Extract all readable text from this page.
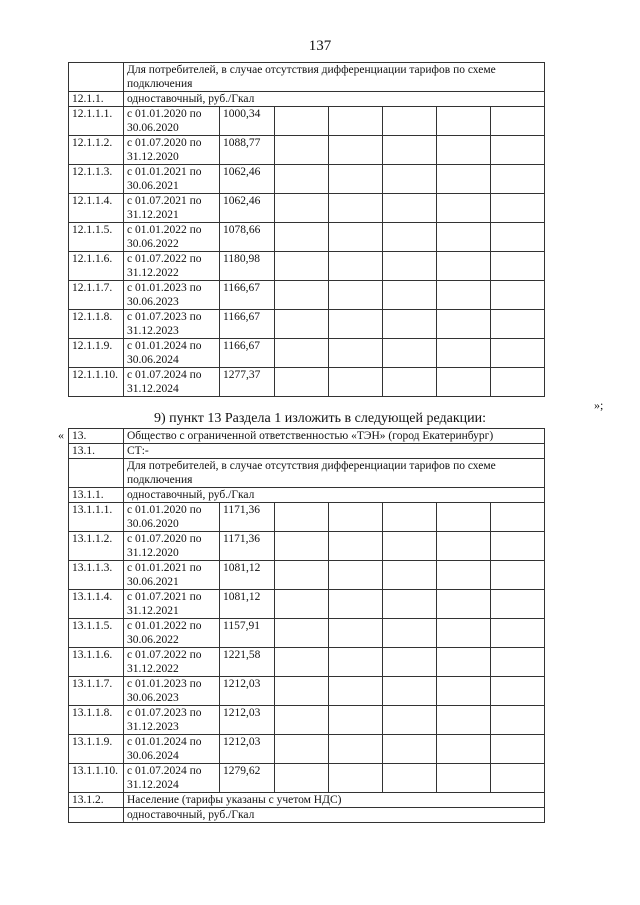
137
	Для потребителей, в случае отсутствия дифференциации тарифов по схеме подключения						
12.1.1.	одноставочный, руб./Гкал						
12.1.1.1.	с 01.01.2020 по 30.06.2020	1000,34					
12.1.1.2.	с 01.07.2020 по 31.12.2020	1088,77					
12.1.1.3.	с 01.01.2021 по 30.06.2021	1062,46					
12.1.1.4.	с 01.07.2021 по 31.12.2021	1062,46					
12.1.1.5.	с 01.01.2022 по 30.06.2022	1078,66					
12.1.1.6.	с 01.07.2022 по 31.12.2022	1180,98					
12.1.1.7.	с 01.01.2023 по 30.06.2023	1166,67					
12.1.1.8.	с 01.07.2023 по 31.12.2023	1166,67					
12.1.1.9.	с 01.01.2024 по 30.06.2024	1166,67					
12.1.1.10.	с 01.07.2024 по 31.12.2024	1277,37					
»;
9) пункт 13 Раздела 1 изложить в следующей редакции:
« 13.	Общество с ограниченной ответственностью «ТЭН» (город Екатеринбург)						
13.1.	СТ:-						
	Для потребителей, в случае отсутствия дифференциации тарифов по схеме подключения						
13.1.1.	одноставочный, руб./Гкал						
13.1.1.1.	с 01.01.2020 по 30.06.2020	1171,36					
13.1.1.2.	с 01.07.2020 по 31.12.2020	1171,36					
13.1.1.3.	с 01.01.2021 по 30.06.2021	1081,12					
13.1.1.4.	с 01.07.2021 по 31.12.2021	1081,12					
13.1.1.5.	с 01.01.2022 по 30.06.2022	1157,91					
13.1.1.6.	с 01.07.2022 по 31.12.2022	1221,58					
13.1.1.7.	с 01.01.2023 по 30.06.2023	1212,03					
13.1.1.8.	с 01.07.2023 по 31.12.2023	1212,03					
13.1.1.9.	с 01.01.2024 по 30.06.2024	1212,03					
13.1.1.10.	с 01.07.2024 по 31.12.2024	1279,62					
13.1.2.	Население (тарифы указаны с учетом НДС)						
	одноставочный, руб./Гкал						
